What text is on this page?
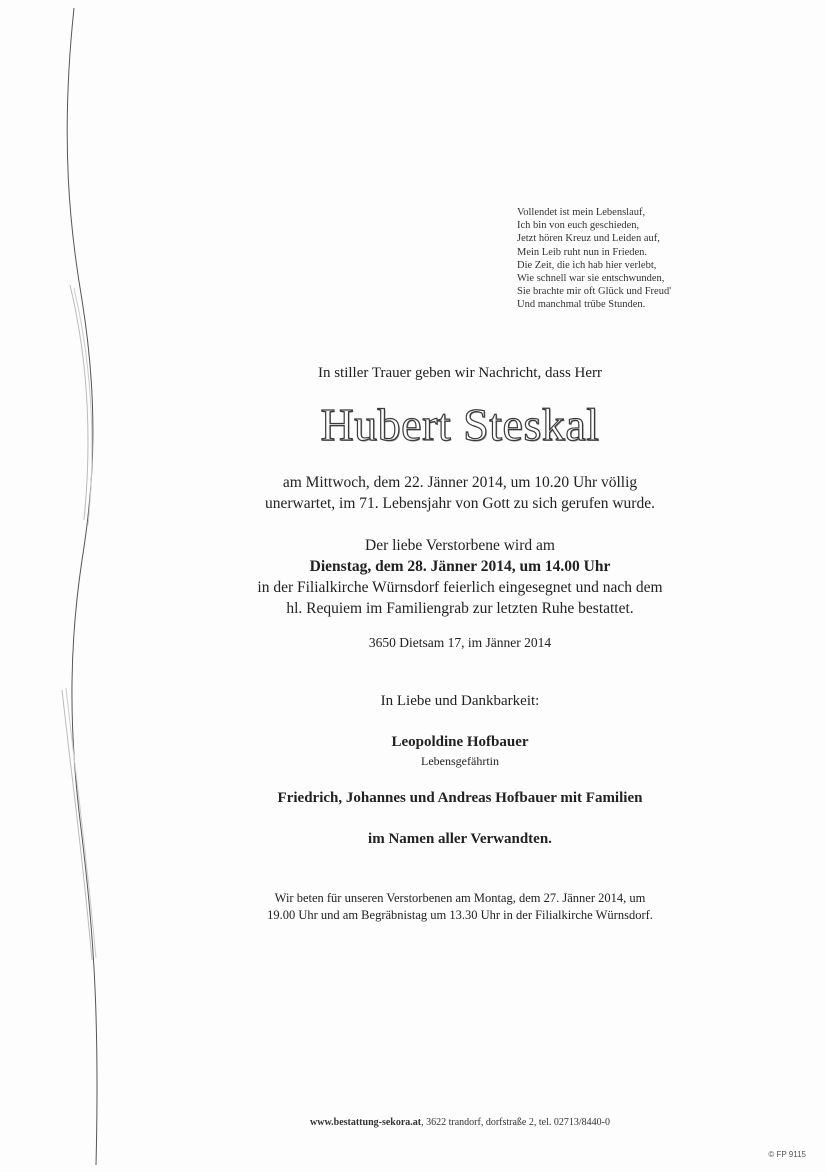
Vollendet ist mein Lebenslauf,
Ich bin von euch geschieden,
Jetzt hören Kreuz und Leiden auf,
Mein Leib ruht nun in Frieden.
Die Zeit, die ich hab hier verlebt,
Wie schnell war sie entschwunden,
Sie brachte mir oft Glück und Freud'
Und manchmal trübe Stunden.
In stiller Trauer geben wir Nachricht, dass Herr
Hubert Steskal
am Mittwoch, dem 22. Jänner 2014, um 10.20 Uhr völlig
unerwartet, im 71. Lebensjahr von Gott zu sich gerufen wurde.
Der liebe Verstorbene wird am
Dienstag, dem 28. Jänner 2014, um 14.00 Uhr
in der Filialkirche Würnsdorf feierlich eingesegnet und nach dem
hl. Requiem im Familiengrab zur letzten Ruhe bestattet.
3650 Dietsam 17, im Jänner 2014
In Liebe und Dankbarkeit:
Leopoldine Hofbauer
Lebensgefährtin
Friedrich, Johannes und Andreas Hofbauer mit Familien
im Namen aller Verwandten.
Wir beten für unseren Verstorbenen am Montag, dem 27. Jänner 2014, um
19.00 Uhr und am Begräbnistag um 13.30 Uhr in der Filialkirche Würnsdorf.
www.bestattung-sekora.at, 3622 trandorf, dorfstraße 2, tel. 02713/8440-0
© FP 9115
